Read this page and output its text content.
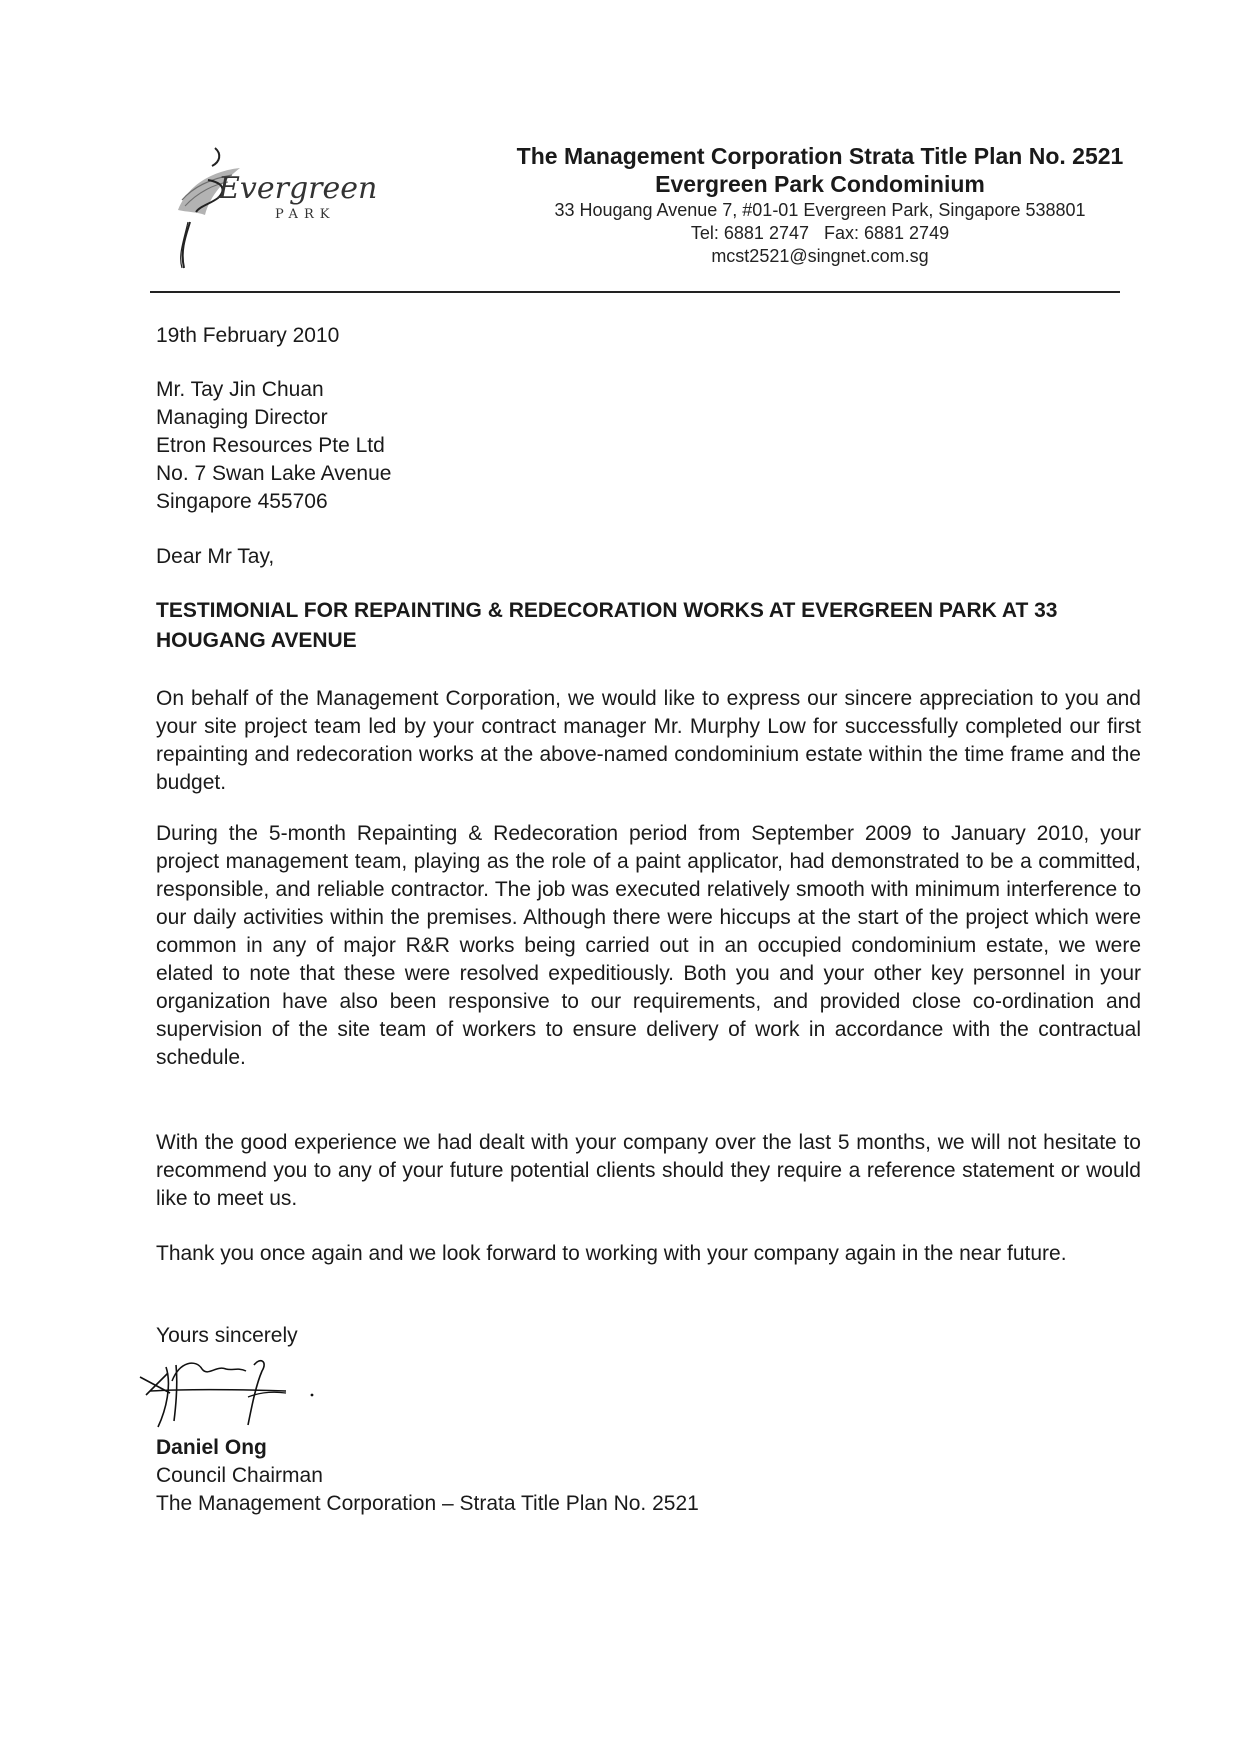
Evergreen
PARK
The Management Corporation Strata Title Plan No. 2521
Evergreen Park Condominium
33 Hougang Avenue 7, #01-01 Evergreen Park, Singapore 538801
Tel: 6881 2747   Fax: 6881 2749
mcst2521@singnet.com.sg
19th February 2010
Mr. Tay Jin Chuan
Managing Director
Etron Resources Pte Ltd
No. 7 Swan Lake Avenue
Singapore 455706
Dear Mr Tay,
TESTIMONIAL FOR REPAINTING & REDECORATION WORKS AT EVERGREEN PARK AT 33 HOUGANG AVENUE
On behalf of the Management Corporation, we would like to express our sincere appreciation to you and your site project team led by your contract manager Mr. Murphy Low for successfully completed our first repainting and redecoration works at the above-named condominium estate within the time frame and the budget.
During the 5-month Repainting & Redecoration period from September 2009 to January 2010, your project management team, playing as the role of a paint applicator, had demonstrated to be a committed, responsible, and reliable contractor. The job was executed relatively smooth with minimum interference to our daily activities within the premises. Although there were hiccups at the start of the project which were common in any of major R&R works being carried out in an occupied condominium estate, we were elated to note that these were resolved expeditiously. Both you and your other key personnel in your organization have also been responsive to our requirements, and provided close co-ordination and supervision of the site team of workers to ensure delivery of work in accordance with the contractual schedule.
With the good experience we had dealt with your company over the last 5 months, we will not hesitate to recommend you to any of your future potential clients should they require a reference statement or would like to meet us.
Thank you once again and we look forward to working with your company again in the near future.
Yours sincerely
Daniel Ong
Council Chairman
The Management Corporation – Strata Title Plan No. 2521
